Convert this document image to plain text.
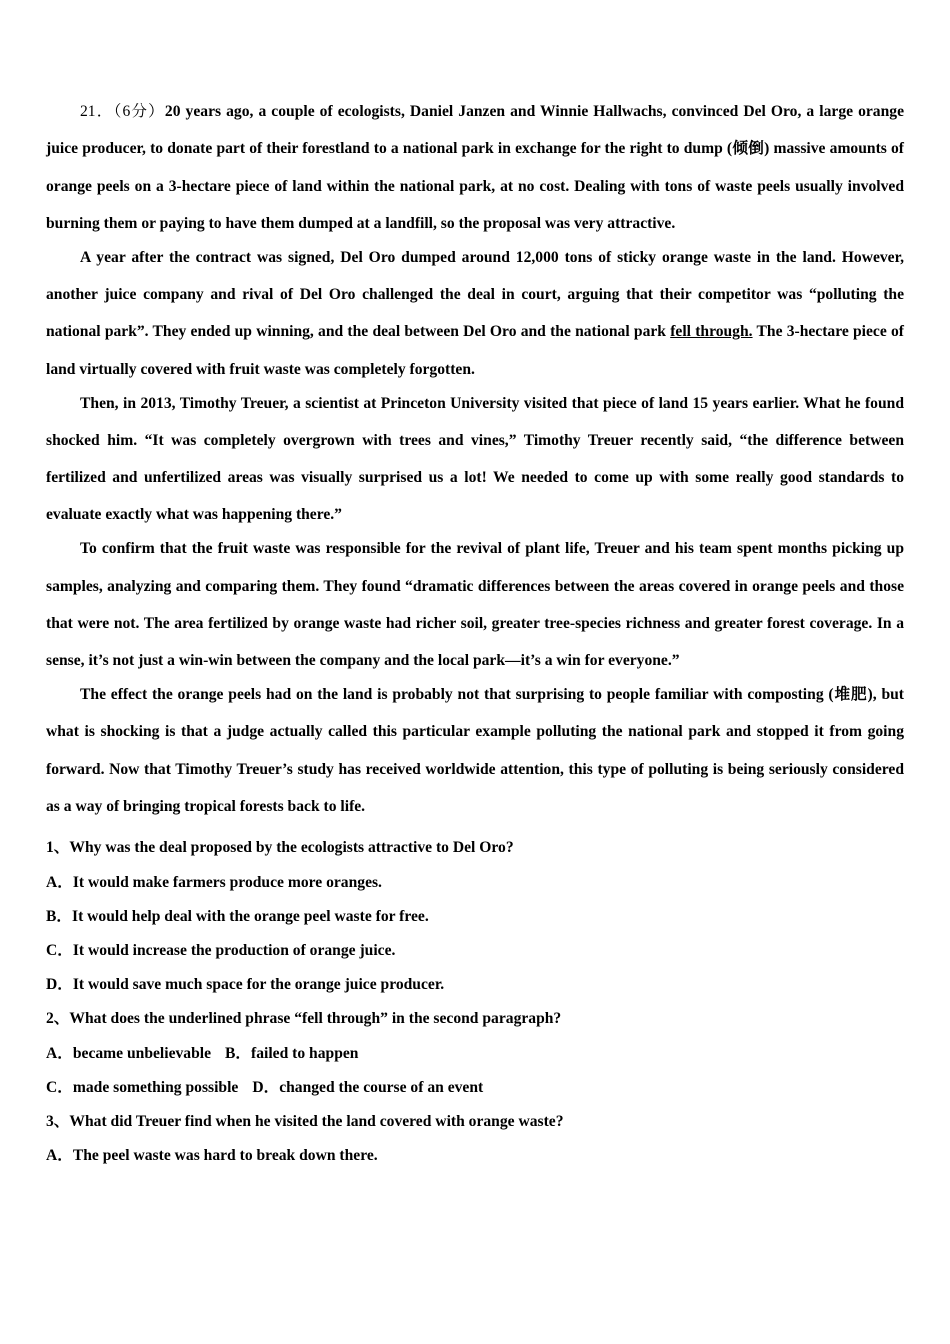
21．（6分）20 years ago, a couple of ecologists, Daniel Janzen and Winnie Hallwachs, convinced Del Oro, a large orange juice producer, to donate part of their forestland to a national park in exchange for the right to dump (倾倒) massive amounts of orange peels on a 3-hectare piece of land within the national park, at no cost. Dealing with tons of waste peels usually involved burning them or paying to have them dumped at a landfill, so the proposal was very attractive.

A year after the contract was signed, Del Oro dumped around 12,000 tons of sticky orange waste in the land. However, another juice company and rival of Del Oro challenged the deal in court, arguing that their competitor was “polluting the national park”. They ended up winning, and the deal between Del Oro and the national park fell through. The 3-hectare piece of land virtually covered with fruit waste was completely forgotten.

Then, in 2013, Timothy Treuer, a scientist at Princeton University visited that piece of land 15 years earlier. What he found shocked him. “It was completely overgrown with trees and vines,” Timothy Treuer recently said, “the difference between fertilized and unfertilized areas was visually surprised us a lot! We needed to come up with some really good standards to evaluate exactly what was happening there.”

To confirm that the fruit waste was responsible for the revival of plant life, Treuer and his team spent months picking up samples, analyzing and comparing them. They found “dramatic differences between the areas covered in orange peels and those that were not. The area fertilized by orange waste had richer soil, greater tree-species richness and greater forest coverage. In a sense, it’s not just a win-win between the company and the local park—it’s a win for everyone.”

The effect the orange peels had on the land is probably not that surprising to people familiar with composting (堆肥), but what is shocking is that a judge actually called this particular example polluting the national park and stopped it from going forward. Now that Timothy Treuer’s study has received worldwide attention, this type of polluting is being seriously considered as a way of bringing tropical forests back to life.

1、Why was the deal proposed by the ecologists attractive to Del Oro?

A．It would make farmers produce more oranges.

B．It would help deal with the orange peel waste for free.

C．It would increase the production of orange juice.

D．It would save much space for the orange juice producer.

2、What does the underlined phrase “fell through” in the second paragraph?

A．became unbelievable B．failed to happen

C．made something possible D．changed the course of an event

3、What did Treuer find when he visited the land covered with orange waste?

A．The peel waste was hard to break down there.
